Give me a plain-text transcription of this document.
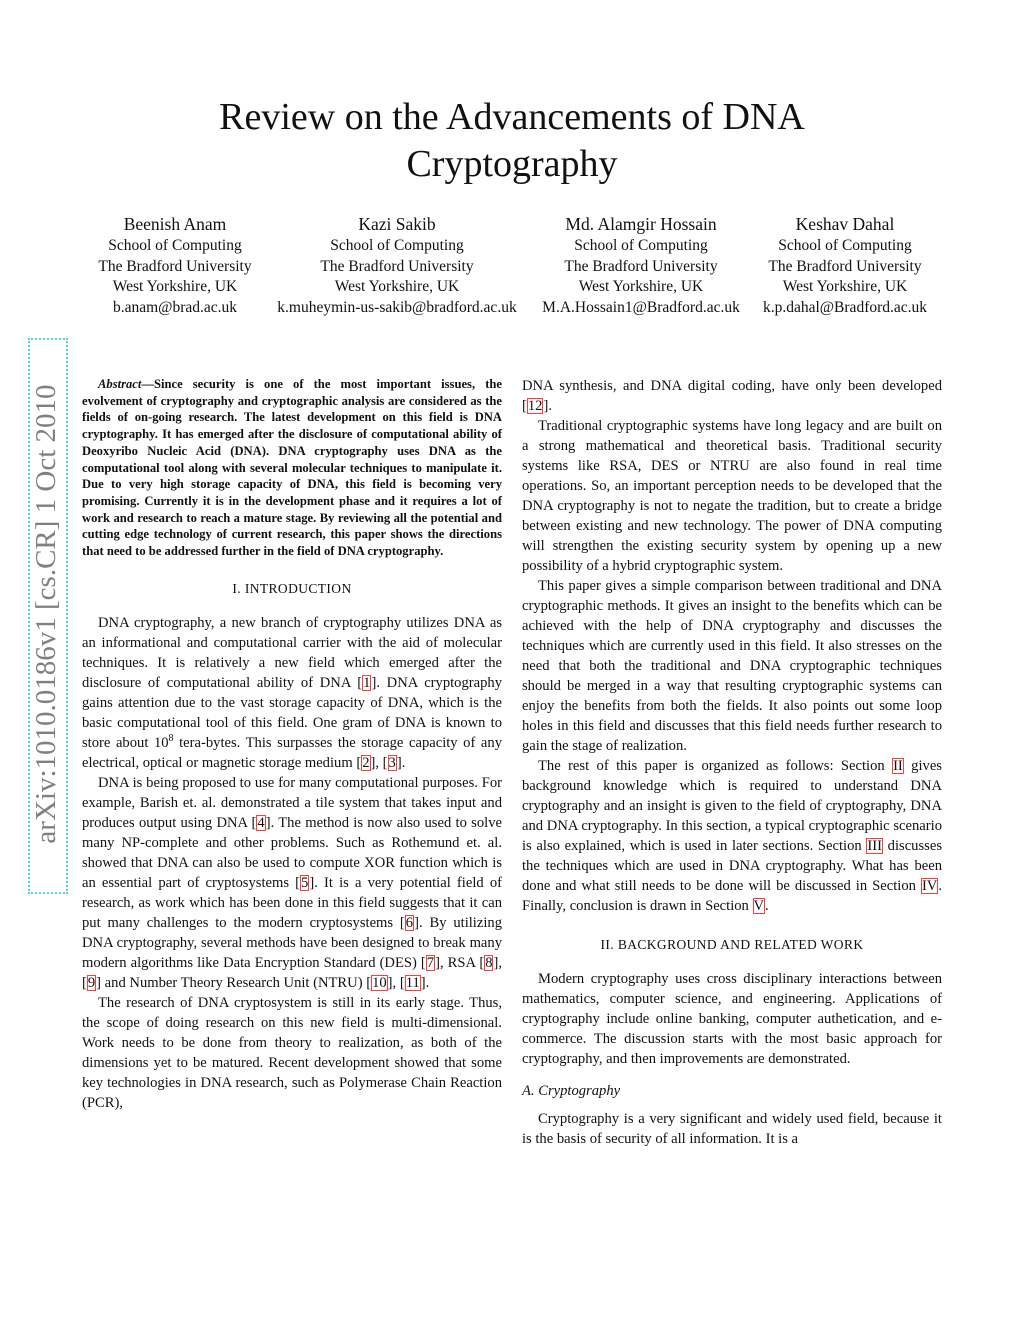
Review on the Advancements of DNA Cryptography
Beenish Anam
School of Computing
The Bradford University
West Yorkshire, UK
b.anam@brad.ac.uk
Kazi Sakib
School of Computing
The Bradford University
West Yorkshire, UK
k.muheymin-us-sakib@bradford.ac.uk
Md. Alamgir Hossain
School of Computing
The Bradford University
West Yorkshire, UK
M.A.Hossain1@Bradford.ac.uk
Keshav Dahal
School of Computing
The Bradford University
West Yorkshire, UK
k.p.dahal@Bradford.ac.uk
arXiv:1010.0186v1 [cs.CR] 1 Oct 2010

Abstract—Since security is one of the most important issues, the evolvement of cryptography and cryptographic analysis are considered as the fields of on-going research. The latest development on this field is DNA cryptography. It has emerged after the disclosure of computational ability of Deoxyribo Nucleic Acid (DNA). DNA cryptography uses DNA as the computational tool along with several molecular techniques to manipulate it. Due to very high storage capacity of DNA, this field is becoming very promising. Currently it is in the development phase and it requires a lot of work and research to reach a mature stage. By reviewing all the potential and cutting edge technology of current research, this paper shows the directions that need to be addressed further in the field of DNA cryptography.

I. INTRODUCTION

DNA cryptography, a new branch of cryptography utilizes DNA as an informational and computational carrier with the aid of molecular techniques. It is relatively a new field which emerged after the disclosure of computational ability of DNA [1]. DNA cryptography gains attention due to the vast storage capacity of DNA, which is the basic computational tool of this field. One gram of DNA is known to store about $10^8$ tera-bytes. This surpasses the storage capacity of any electrical, optical or magnetic storage medium [2], [3].

DNA is being proposed to use for many computational purposes. For example, Barish et. al. demonstrated a tile system that takes input and produces output using DNA [4]. The method is now also used to solve many NP-complete and other problems. Such as Rothemund et. al. showed that DNA can also be used to compute XOR function which is an essential part of cryptosystems [5]. It is a very potential field of research, as work which has been done in this field suggests that it can put many challenges to the modern cryptosystems [6]. By utilizing DNA cryptography, several methods have been designed to break many modern algorithms like Data Encryption Standard (DES) [7], RSA [8], [9] and Number Theory Research Unit (NTRU) [10], [11].

The research of DNA cryptosystem is still in its early stage. Thus, the scope of doing research on this new field is multi-dimensional. Work needs to be done from theory to realization, as both of the dimensions yet to be matured. Recent development showed that some key technologies in DNA research, such as Polymerase Chain Reaction (PCR),

DNA synthesis, and DNA digital coding, have only been developed [12].

Traditional cryptographic systems have long legacy and are built on a strong mathematical and theoretical basis. Traditional security systems like RSA, DES or NTRU are also found in real time operations. So, an important perception needs to be developed that the DNA cryptography is not to negate the tradition, but to create a bridge between existing and new technology. The power of DNA computing will strengthen the existing security system by opening up a new possibility of a hybrid cryptographic system.

This paper gives a simple comparison between traditional and DNA cryptographic methods. It gives an insight to the benefits which can be achieved with the help of DNA cryptography and discusses the techniques which are currently used in this field. It also stresses on the need that both the traditional and DNA cryptographic techniques should be merged in a way that resulting cryptographic systems can enjoy the benefits from both the fields. It also points out some loop holes in this field and discusses that this field needs further research to gain the stage of realization.

The rest of this paper is organized as follows: Section II gives background knowledge which is required to understand DNA cryptography and an insight is given to the field of cryptography, DNA and DNA cryptography. In this section, a typical cryptographic scenario is also explained, which is used in later sections. Section III discusses the techniques which are used in DNA cryptography. What has been done and what still needs to be done will be discussed in Section IV. Finally, conclusion is drawn in Section V.

II. BACKGROUND AND RELATED WORK

Modern cryptography uses cross disciplinary interactions between mathematics, computer science, and engineering. Applications of cryptography include online banking, computer authetication, and e-commerce. The discussion starts with the most basic approach for cryptography, and then improvements are demonstrated.

A. Cryptography

Cryptography is a very significant and widely used field, because it is the basis of security of all information. It is a
